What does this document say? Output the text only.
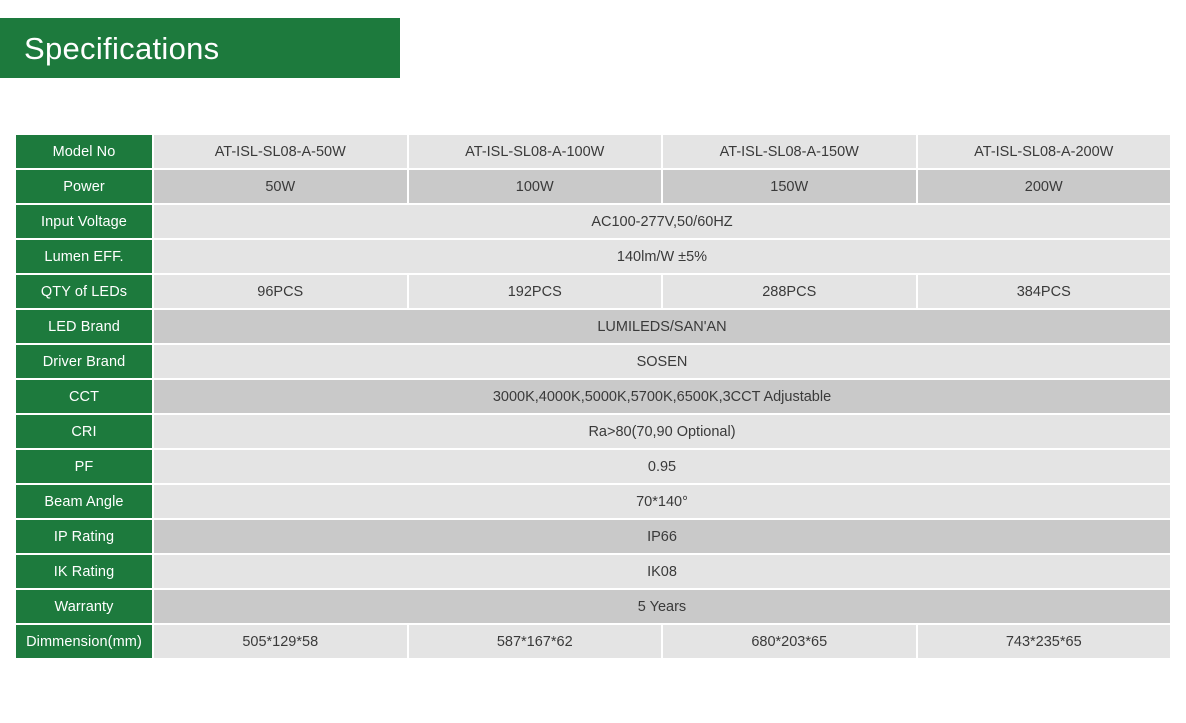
Specifications
Model No	AT-ISL-SL08-A-50W	AT-ISL-SL08-A-100W	AT-ISL-SL08-A-150W	AT-ISL-SL08-A-200W
Power	50W	100W	150W	200W
Input Voltage	AC100-277V,50/60HZ			
Lumen EFF.	140lm/W ±5%			
QTY of LEDs	96PCS	192PCS	288PCS	384PCS
LED Brand	LUMILEDS/SAN'AN			
Driver Brand	SOSEN			
CCT	3000K,4000K,5000K,5700K,6500K,3CCT Adjustable			
CRI	Ra>80(70,90 Optional)			
PF	0.95			
Beam Angle	70*140°			
IP Rating	IP66			
IK Rating	IK08			
Warranty	5 Years			
Dimmension(mm)	505*129*58	587*167*62	680*203*65	743*235*65
